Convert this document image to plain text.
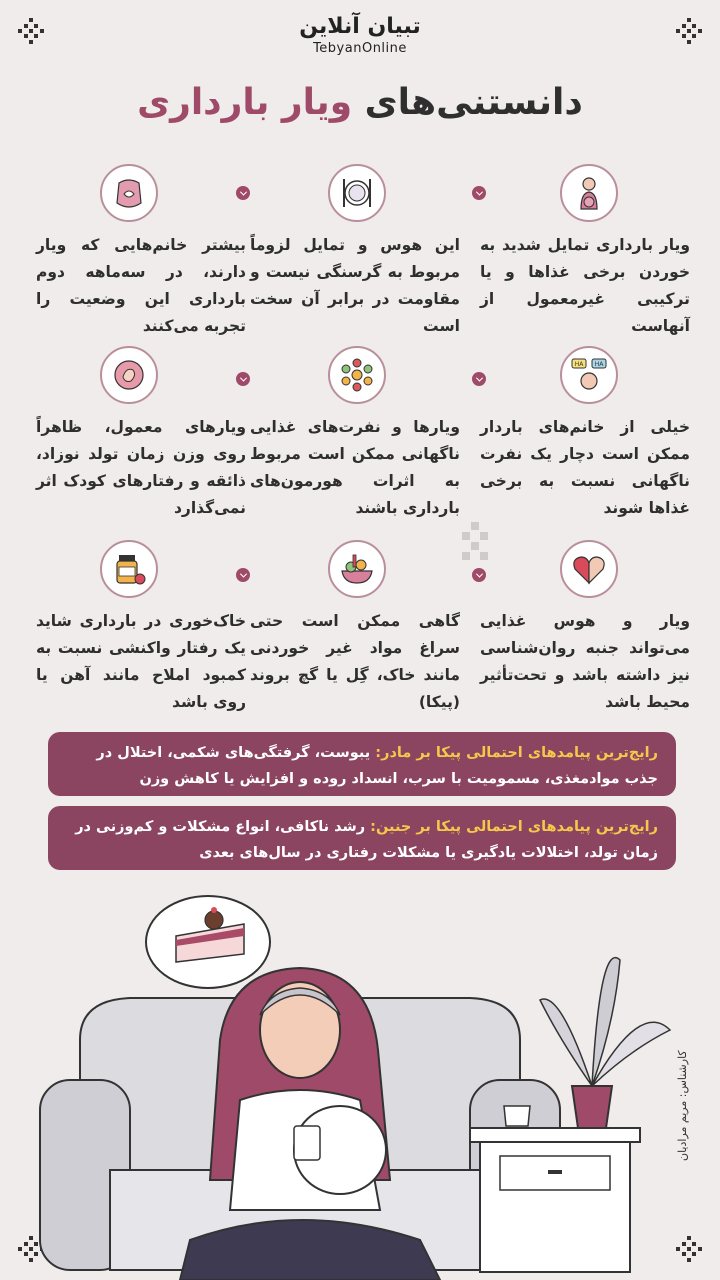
تبیان آنلاین
TebyanOnline
دانستنی‌های ویار بارداری
ویار بارداری تمایل شدید به خوردن برخی غذاها و یا ترکیبی غیرمعمول از آنهاست
این هوس و تمایل لزوماً مربوط به گرسنگی نیست و مقاومت در برابر آن سخت است
بیشتر خانم‌هایی که ویار دارند، در سه‌ماهه دوم بارداری این وضعیت را تجربه می‌کنند
HA HA
خیلی از خانم‌های باردار ممکن است دچار یک نفرت ناگهانی نسبت به برخی غذاها شوند
ویارها و نفرت‌های غذایی ناگهانی ممکن است مربوط به اثرات هورمون‌های بارداری باشند
ویارهای معمول، ظاهراً روی وزن زمان تولد نوزاد، ذائقه و رفتارهای کودک اثر نمی‌گذارد
ویار و هوس غذایی می‌تواند جنبه روان‌شناسی نیز داشته باشد و تحت‌تأثیر محیط باشد
گاهی ممکن است حتی سراغ مواد غیر خوردنی مانند خاک، گِل یا گچ بروند (پیکا)
خاک‌خوری در بارداری شاید یک رفتار واکنشی نسبت به کمبود املاح مانند آهن یا روی باشد
رایج‌ترین پیامدهای احتمالی پیکا بر مادر: یبوست، گرفتگی‌های شکمی، اختلال در جذب موادمغذی، مسمومیت با سرب، انسداد روده و افزایش یا کاهش وزن
رایج‌ترین پیامدهای احتمالی پیکا بر جنین: رشد ناکافی، انواع مشکلات و کم‌وزنی در زمان تولد، اختلالات یادگیری یا مشکلات رفتاری در سال‌های بعدی
کارشناس: مریم مرادیان
